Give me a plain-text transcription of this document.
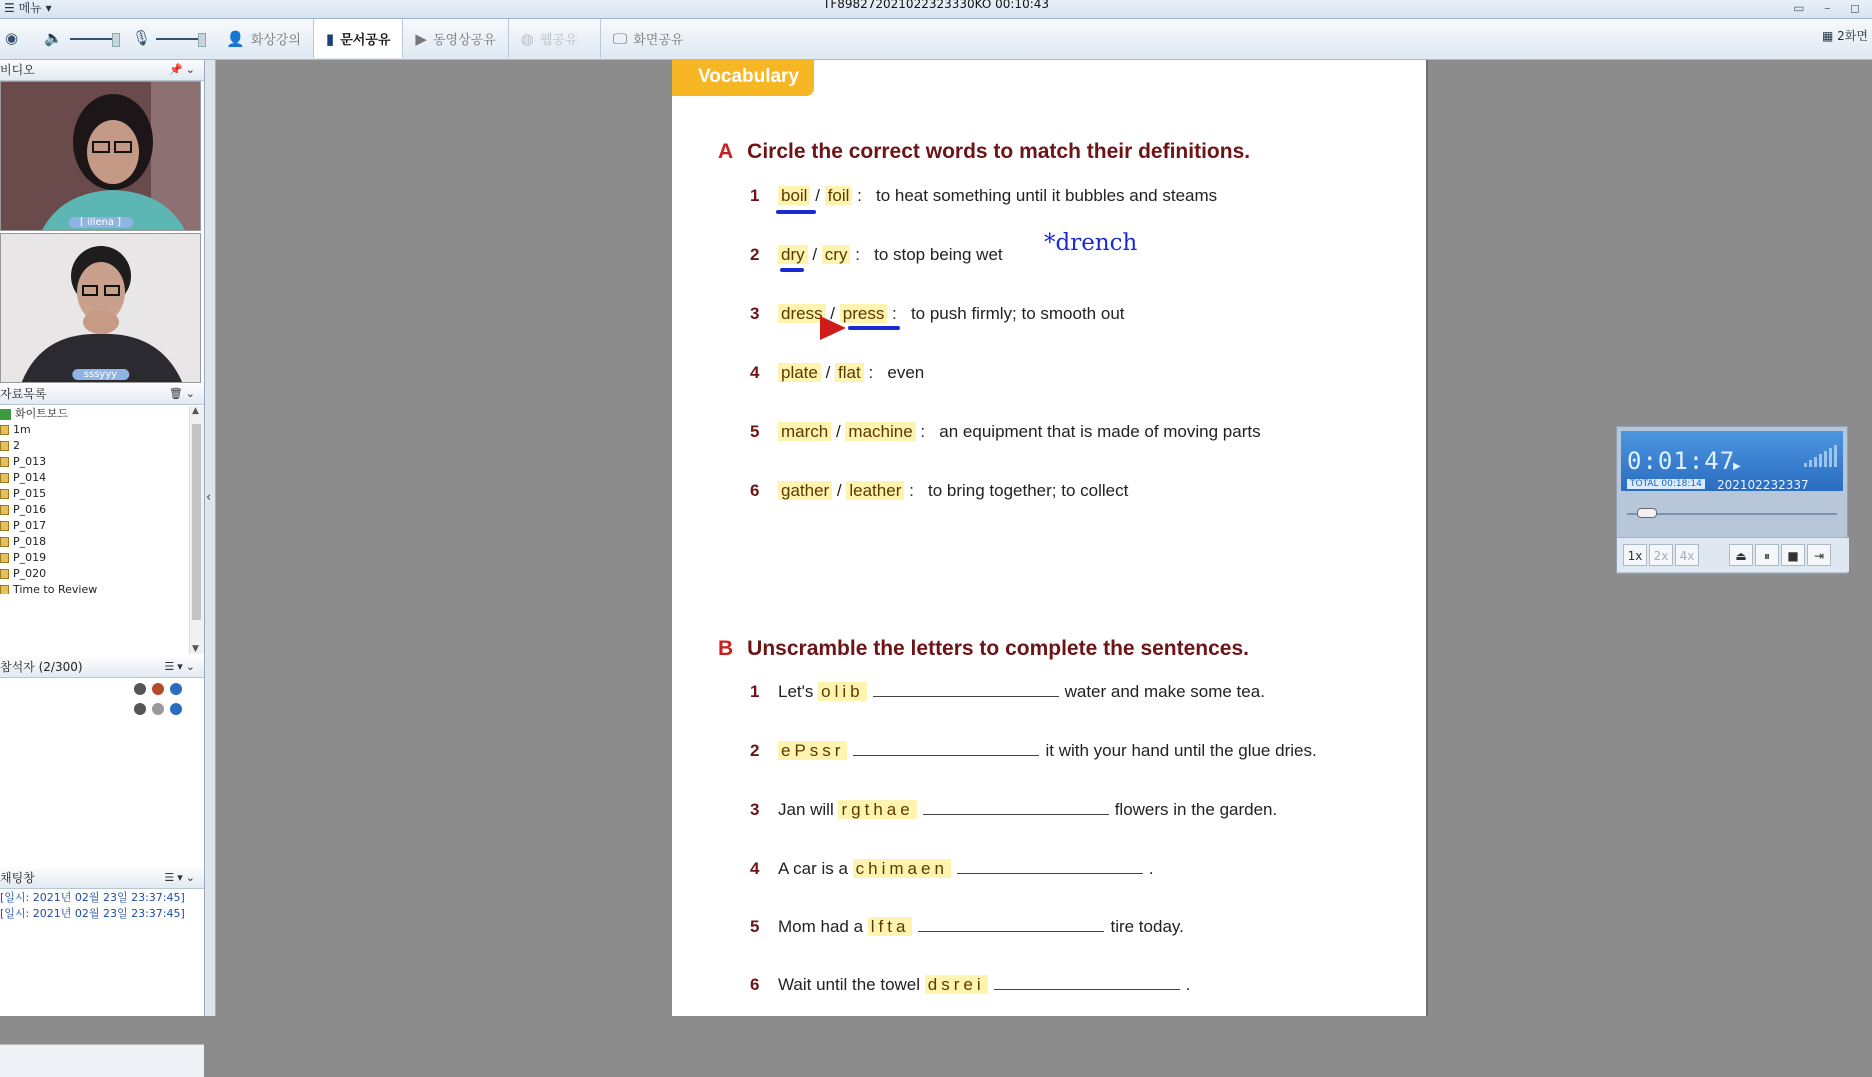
☰ 메뉴 ▾	TF898272021022323330KO 00:10:43	▭ – ◻
◉ 🔈	🎙	👤 화상강의 ▮ 문서공유 ▶ 동영상공유 ◍ 웹공유 🖵 화면공유	▦ 2화면
비디오	📌⌄
[ illena ]
sssyyy
자료목록	🗑⌄
화이트보드
1m
2
P_013
P_014
P_015
P_016
P_017
P_018
P_019
P_020
Time to Review
▲
▼
참석자 (2/300)	☰▾⌄
채팅창	☰▾⌄
[일시: 2021년 02월 23일 23:37:45]
[일시: 2021년 02월 23일 23:37:45]
‹
Vocabulary
A Circle the correct words to match their definitions.
1 boil / foil :   to heat something until it bubbles and steams
2 dry / cry :   to stop being wet
3 dress / press :   to push firmly; to smooth out
4 plate / flat :   even
5 march / machine :   an equipment that is made of moving parts
6 gather / leather :   to bring together; to collect
*drench
B Unscramble the letters to complete the sentences.
1 Let's olib	water and make some tea.
2 ePssr	it with your hand until the glue dries.
3 Jan will rgthae	flowers in the garden.
4 A car is a chimaen	.
5 Mom had a lfta	tire today.
6 Wait until the towel dsrei	.
0:01:47
▶
TOTAL 00:18:14 202102232337
1x 2x 4x	⏏	⏸	■	⇥
